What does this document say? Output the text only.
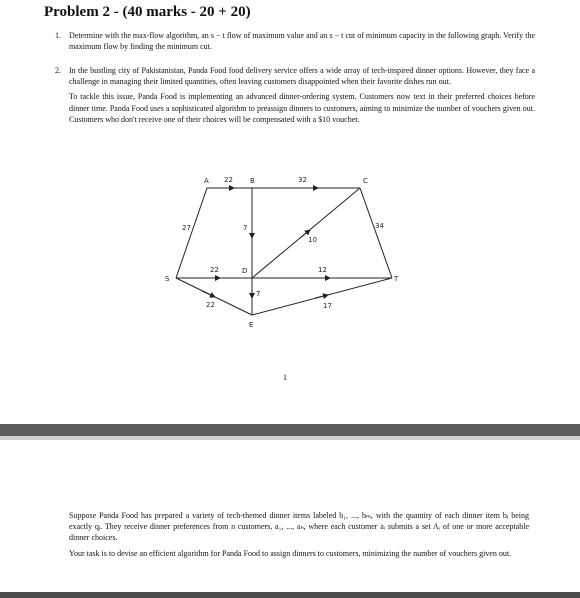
Problem 2 - (40 marks - 20 + 20)
1. Determine with the max-flow algorithm, an s − t flow of maximum value and an s − t cut of minimum capacity in the following graph. Verify the maximum flow by finding the minimum cut.

2. In the bustling city of Pakistanistan, Panda Food food delivery service offers a wide array of tech-inspired dinner options. However, they face a challenge in managing their limited quantities, often leaving customers disappointed when their favorite dishes run out.

To tackle this issue, Panda Food is implementing an advanced dinner-ordering system. Customers now text in their preferred choices before dinner time. Panda Food uses a sophisticated algorithm to preassign dinners to customers, aiming to minimize the number of vouchers given out. Customers who don't receive one of their choices will be compensated with a $10 voucher.

A	B	C
D
E
S	T
22	32
27	7
10
34
22	12
22
7
17
1

Suppose Panda Food has prepared a variety of tech-themed dinner items labeled b₁, ..., bₘ, with the quantity of each dinner item bⱼ being exactly qⱼ. They receive dinner preferences from n customers, a₁, ..., aₙ, where each customer aᵢ submits a set Aᵢ of one or more acceptable dinner choices.

Your task is to devise an efficient algorithm for Panda Food to assign dinners to customers, minimizing the number of vouchers given out.
